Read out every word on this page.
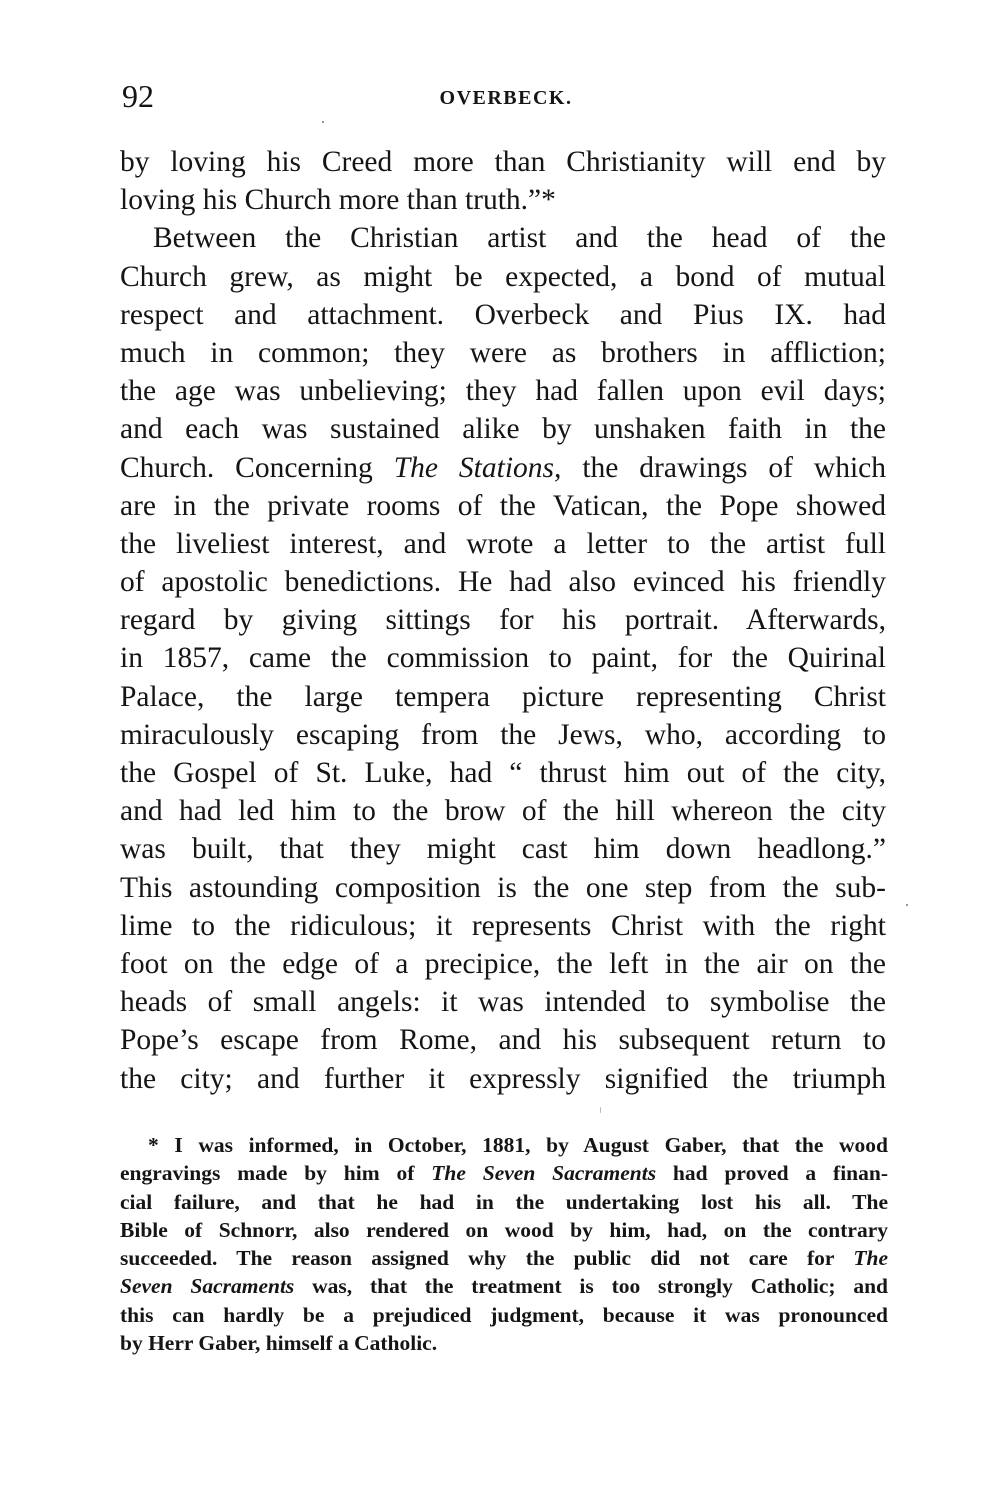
92	OVERBECK.
by loving his Creed more than Christianity will end by
loving his Church more than truth.”*
Between the Christian artist and the head of the
Church grew, as might be expected, a bond of mutual
respect and attachment. Overbeck and Pius IX. had
much in common; they were as brothers in affliction;
the age was unbelieving; they had fallen upon evil days;
and each was sustained alike by unshaken faith in the
Church. Concerning The Stations, the drawings of which
are in the private rooms of the Vatican, the Pope showed
the liveliest interest, and wrote a letter to the artist full
of apostolic benedictions. He had also evinced his friendly
regard by giving sittings for his portrait. Afterwards,
in 1857, came the commission to paint, for the Quirinal
Palace, the large tempera picture representing Christ
miraculously escaping from the Jews, who, according to
the Gospel of St. Luke, had “ thrust him out of the city,
and had led him to the brow of the hill whereon the city
was built, that they might cast him down headlong.”
This astounding composition is the one step from the sub-
lime to the ridiculous; it represents Christ with the right
foot on the edge of a precipice, the left in the air on the
heads of small angels: it was intended to symbolise the
Pope’s escape from Rome, and his subsequent return to
the city; and further it expressly signified the triumph
* I was informed, in October, 1881, by August Gaber, that the wood
engravings made by him of The Seven Sacraments had proved a finan-
cial failure, and that he had in the undertaking lost his all. The
Bible of Schnorr, also rendered on wood by him, had, on the contrary
succeeded. The reason assigned why the public did not care for The
Seven Sacraments was, that the treatment is too strongly Catholic; and
this can hardly be a prejudiced judgment, because it was pronounced
by Herr Gaber, himself a Catholic.
